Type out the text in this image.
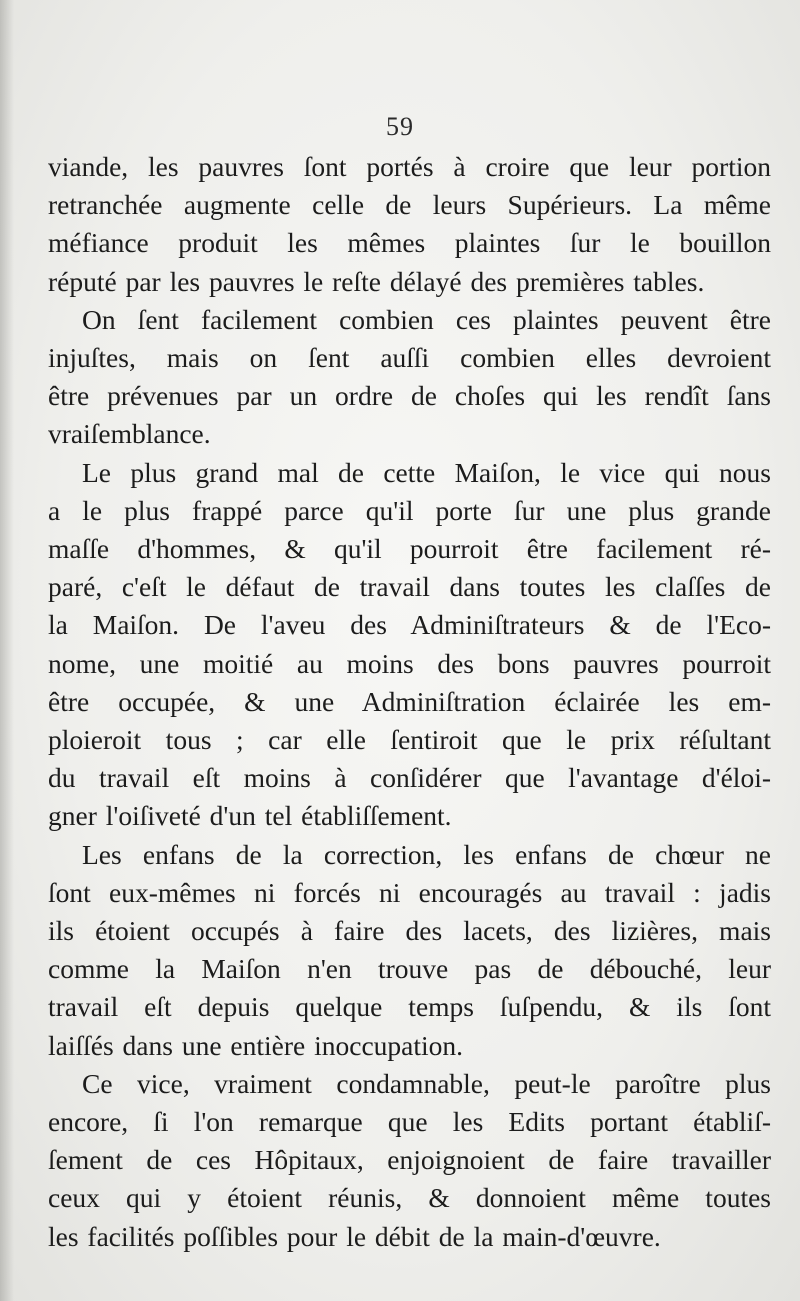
59
viande, les pauvres ſont portés à croire que leur portion
retranchée augmente celle de leurs Supérieurs. La même
méfiance produit les mêmes plaintes ſur le bouillon
réputé par les pauvres le reſte délayé des premières tables.
On ſent facilement combien ces plaintes peuvent être
injuſtes, mais on ſent auſſi combien elles devroient
être prévenues par un ordre de choſes qui les rendît ſans
vraiſemblance.
Le plus grand mal de cette Maiſon, le vice qui nous
a le plus frappé parce qu'il porte ſur une plus grande
maſſe d'hommes, & qu'il pourroit être facilement ré-
paré, c'eſt le défaut de travail dans toutes les claſſes de
la Maiſon. De l'aveu des Adminiſtrateurs & de l'Eco-
nome, une moitié au moins des bons pauvres pourroit
être occupée, & une Adminiſtration éclairée les em-
ploieroit tous ; car elle ſentiroit que le prix réſultant
du travail eſt moins à conſidérer que l'avantage d'éloi-
gner l'oiſiveté d'un tel établiſſement.
Les enfans de la correction, les enfans de chœur ne
ſont eux-mêmes ni forcés ni encouragés au travail : jadis
ils étoient occupés à faire des lacets, des lizières, mais
comme la Maiſon n'en trouve pas de débouché, leur
travail eſt depuis quelque temps ſuſpendu, & ils ſont
laiſſés dans une entière inoccupation.
Ce vice, vraiment condamnable, peut-le paroître plus
encore, ſi l'on remarque que les Edits portant établiſ-
ſement de ces Hôpitaux, enjoignoient de faire travailler
ceux qui y étoient réunis, & donnoient même toutes
les facilités poſſibles pour le débit de la main-d'œuvre.
